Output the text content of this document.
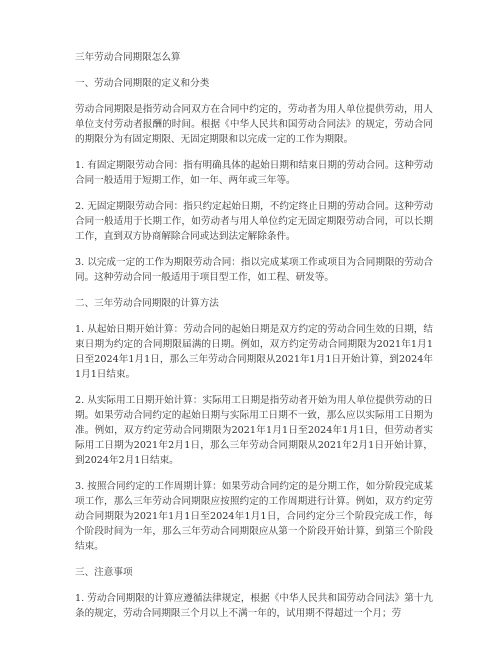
三年劳动合同期限怎么算
一、劳动合同期限的定义和分类

劳动合同期限是指劳动合同双方在合同中约定的，劳动者为用人单位提供劳动，用人单位支付劳动者报酬的时间。根据《中华人民共和国劳动合同法》的规定，劳动合同的期限分为有固定期限、无固定期限和以完成一定的工作为期限。

1. 有固定期限劳动合同：指有明确具体的起始日期和结束日期的劳动合同。这种劳动合同一般适用于短期工作，如一年、两年或三年等。

2. 无固定期限劳动合同：指只约定起始日期，不约定终止日期的劳动合同。这种劳动合同一般适用于长期工作，如劳动者与用人单位约定无固定期限劳动合同，可以长期工作，直到双方协商解除合同或达到法定解除条件。

3. 以完成一定的工作为期限劳动合同：指以完成某项工作或项目为合同期限的劳动合同。这种劳动合同一般适用于项目型工作，如工程、研发等。

二、三年劳动合同期限的计算方法

1. 从起始日期开始计算：劳动合同的起始日期是双方约定的劳动合同生效的日期，结束日期为约定的合同期限届满的日期。例如，双方约定劳动合同期限为2021年1月1日至2024年1月1日，那么三年劳动合同期限从2021年1月1日开始计算，到2024年1月1日结束。

2. 从实际用工日期开始计算：实际用工日期是指劳动者开始为用人单位提供劳动的日期。如果劳动合同约定的起始日期与实际用工日期不一致，那么应以实际用工日期为准。例如，双方约定劳动合同期限为2021年1月1日至2024年1月1日，但劳动者实际用工日期为2021年2月1日，那么三年劳动合同期限从2021年2月1日开始计算，到2024年2月1日结束。

3. 按照合同约定的工作周期计算：如果劳动合同约定的是分期工作，如分阶段完成某项工作，那么三年劳动合同期限应按照约定的工作周期进行计算。例如，双方约定劳动合同期限为2021年1月1日至2024年1月1日，合同约定分三个阶段完成工作，每个阶段时间为一年，那么三年劳动合同期限应从第一个阶段开始计算，到第三个阶段结束。

三、注意事项

1. 劳动合同期限的计算应遵循法律规定，根据《中华人民共和国劳动合同法》第十九条的规定，劳动合同期限三个月以上不满一年的，试用期不得超过一个月；劳
